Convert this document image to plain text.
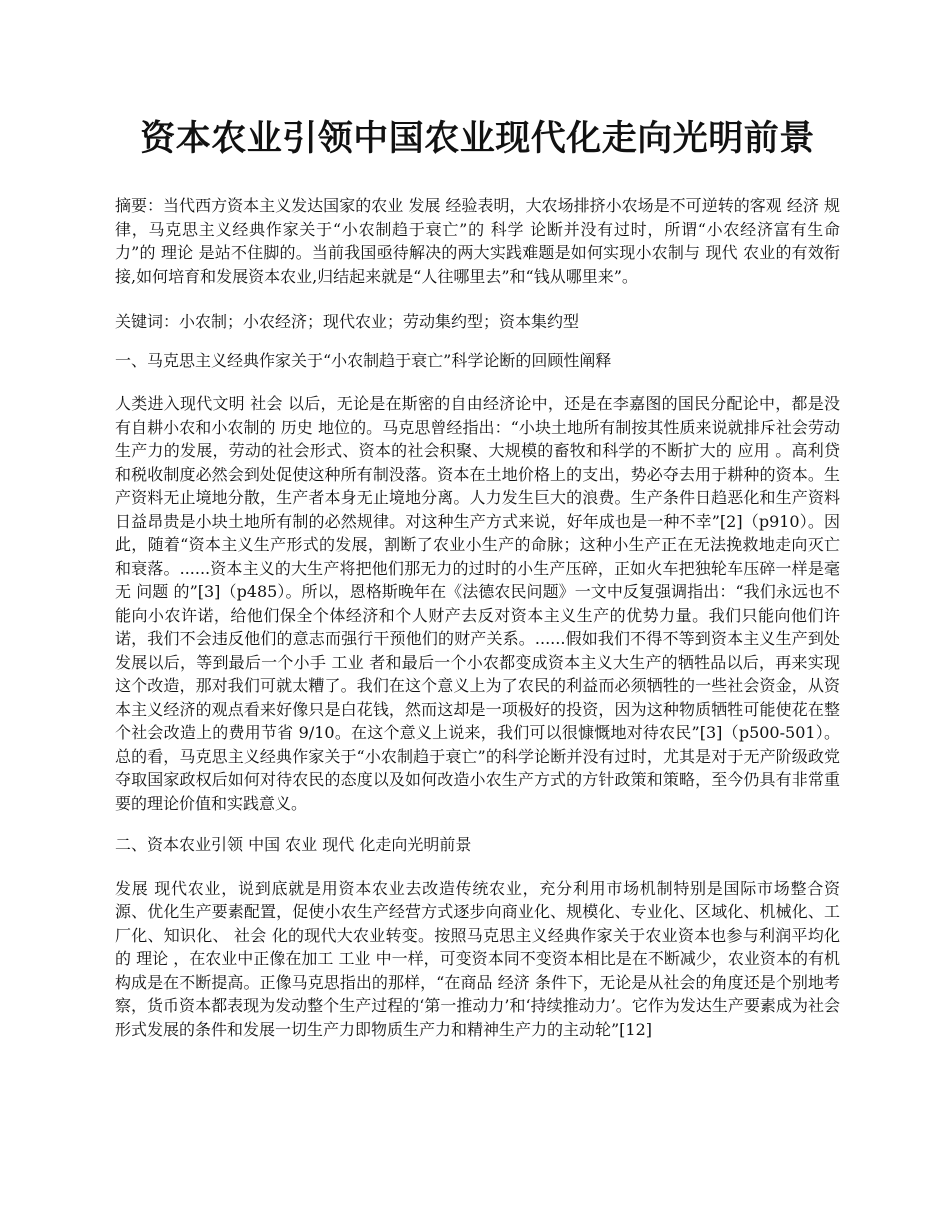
资本农业引领中国农业现代化走向光明前景

摘要：当代西方资本主义发达国家的农业 发展 经验表明，大农场排挤小农场是不可逆转的客观 经济 规律，马克思主义经典作家关于“小农制趋于衰亡”的 科学 论断并没有过时，所谓“小农经济富有生命力”的 理论 是站不住脚的。当前我国亟待解决的两大实践难题是如何实现小农制与 现代 农业的有效衔接,如何培育和发展资本农业,归结起来就是“人往哪里去”和“钱从哪里来”。

关键词：小农制；小农经济；现代农业；劳动集约型；资本集约型

一、马克思主义经典作家关于“小农制趋于衰亡”科学论断的回顾性阐释

人类进入现代文明 社会 以后，无论是在斯密的自由经济论中，还是在李嘉图的国民分配论中，都是没有自耕小农和小农制的 历史 地位的。马克思曾经指出：“小块土地所有制按其性质来说就排斥社会劳动生产力的发展，劳动的社会形式、资本的社会积聚、大规模的畜牧和科学的不断扩大的 应用 。高利贷和税收制度必然会到处促使这种所有制没落。资本在土地价格上的支出，势必夺去用于耕种的资本。生产资料无止境地分散，生产者本身无止境地分离。人力发生巨大的浪费。生产条件日趋恶化和生产资料日益昂贵是小块土地所有制的必然规律。对这种生产方式来说，好年成也是一种不幸”[2]（p910）。因此，随着“资本主义生产形式的发展，割断了农业小生产的命脉；这种小生产正在无法挽救地走向灭亡和衰落。......资本主义的大生产将把他们那无力的过时的小生产压碎，正如火车把独轮车压碎一样是毫无 问题 的”[3]（p485）。所以，恩格斯晚年在《法德农民问题》一文中反复强调指出：“我们永远也不能向小农许诺，给他们保全个体经济和个人财产去反对资本主义生产的优势力量。我们只能向他们许诺，我们不会违反他们的意志而强行干预他们的财产关系。......假如我们不得不等到资本主义生产到处发展以后，等到最后一个小手 工业 者和最后一个小农都变成资本主义大生产的牺牲品以后，再来实现这个改造，那对我们可就太糟了。我们在这个意义上为了农民的利益而必须牺牲的一些社会资金，从资本主义经济的观点看来好像只是白花钱，然而这却是一项极好的投资，因为这种物质牺牲可能使花在整个社会改造上的费用节省 9/10。在这个意义上说来，我们可以很慷慨地对待农民”[3]（p500-501）。总的看，马克思主义经典作家关于“小农制趋于衰亡”的科学论断并没有过时，尤其是对于无产阶级政党夺取国家政权后如何对待农民的态度以及如何改造小农生产方式的方针政策和策略，至今仍具有非常重要的理论价值和实践意义。

二、资本农业引领 中国 农业 现代 化走向光明前景

发展 现代农业，说到底就是用资本农业去改造传统农业，充分利用市场机制特别是国际市场整合资源、优化生产要素配置，促使小农生产经营方式逐步向商业化、规模化、专业化、区域化、机械化、工厂化、知识化、 社会 化的现代大农业转变。按照马克思主义经典作家关于农业资本也参与利润平均化的 理论 ，在农业中正像在加工 工业 中一样，可变资本同不变资本相比是在不断减少，农业资本的有机构成是在不断提高。正像马克思指出的那样，“在商品 经济 条件下，无论是从社会的角度还是个别地考察，货币资本都表现为发动整个生产过程的‘第一推动力’和‘持续推动力’。它作为发达生产要素成为社会形式发展的条件和发展一切生产力即物质生产力和精神生产力的主动轮”[12]
